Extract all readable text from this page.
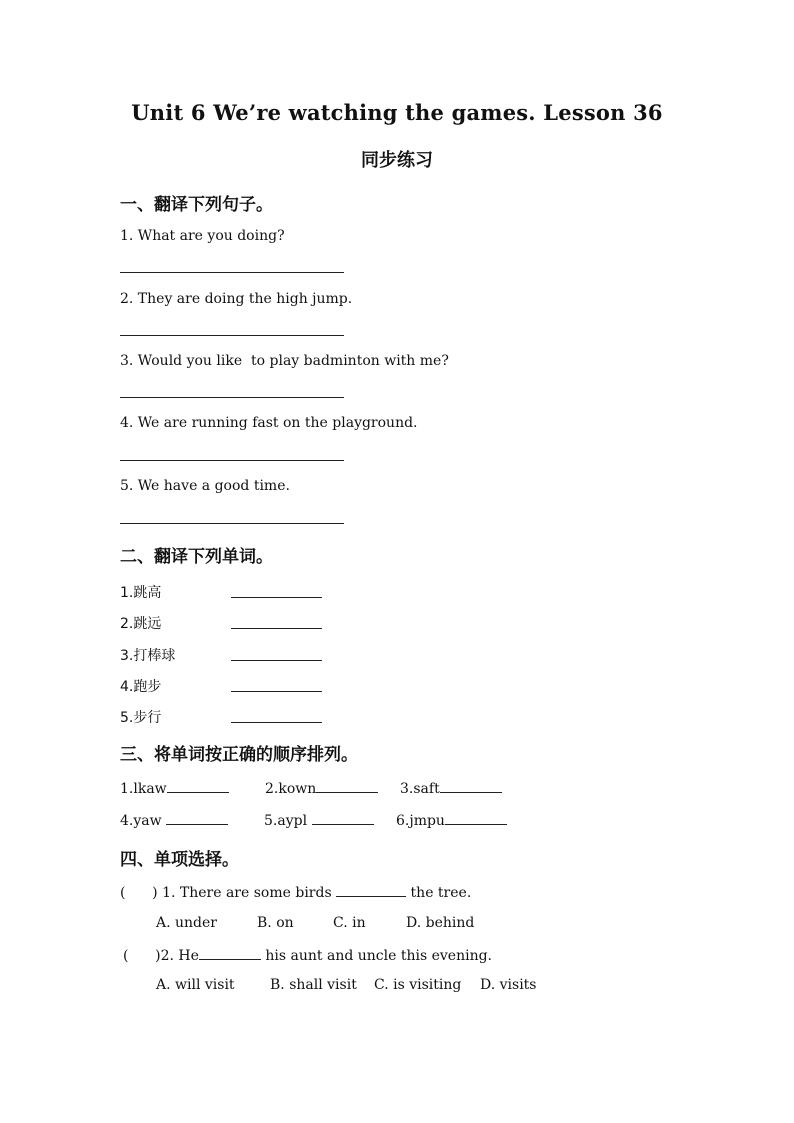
Unit 6 We’re watching the games. Lesson 36
同步练习
一、翻译下列句子。
1. What are you doing?
2. They are doing the high jump.
3. Would you like  to play badminton with me?
4. We are running fast on the playground.
5. We have a good time.
二、翻译下列单词。
1.跳高
2.跳远
3.打棒球
4.跑步
5.步行
三、将单词按正确的顺序排列。
1.lkaw	2.kown	3.saft
4.yaw	5.aypl	6.jmpu
四、单项选择。
(      ) 1. There are some birds	the tree.
A. under	B. on	C. in	D. behind
(      )2. He	his aunt and uncle this evening.
A. will visit	B. shall visit C. is visiting D. visits
